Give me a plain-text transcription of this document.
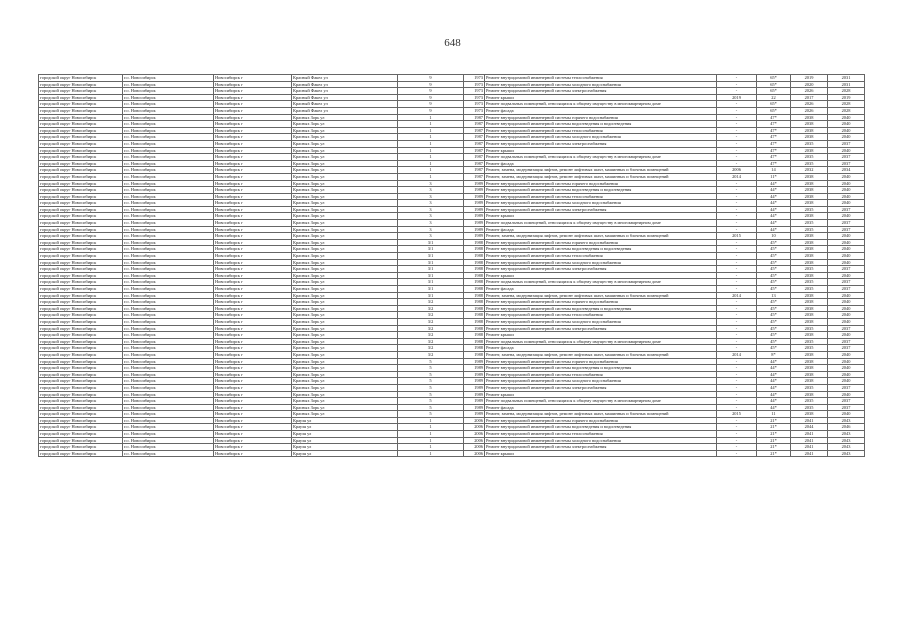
648
городской округ Новосибирск	г.о. Новосибирск	Новосибирск г	Красный Факел ул	9	1973	Ремонт внутридомовой инженерной системы теплоснабжения	-	65*	2019	2031
городской округ Новосибирск	г.о. Новосибирск	Новосибирск г	Красный Факел ул	9	1973	Ремонт внутридомовой инженерной системы холодного водоснабжения	-	65*	2020	2031
городской округ Новосибирск	г.о. Новосибирск	Новосибирск г	Красный Факел ул	9	1973	Ремонт внутридомовой инженерной системы электроснабжения	-	65*	2026	2028
городской округ Новосибирск	г.о. Новосибирск	Новосибирск г	Красный Факел ул	9	1973	Ремонт крыши	2019	22	2017	2019
городской округ Новосибирск	г.о. Новосибирск	Новосибирск г	Красный Факел ул	9	1973	Ремонт подвальных помещений, относящихся к общему имуществу в многоквартирном доме	-	65*	2026	2028
городской округ Новосибирск	г.о. Новосибирск	Новосибирск г	Красный Факел ул	9	1973	Ремонт фасада	-	65*	2026	2028
городской округ Новосибирск	г.о. Новосибирск	Новосибирск г	Красных Зорь ул	1	1987	Ремонт внутридомовой инженерной системы горячего водоснабжения	-	47*	2038	2040
городской округ Новосибирск	г.о. Новосибирск	Новосибирск г	Красных Зорь ул	1	1987	Ремонт внутридомовой инженерной системы водоотведения и водоотведения	-	47*	2038	2040
городской округ Новосибирск	г.о. Новосибирск	Новосибирск г	Красных Зорь ул	1	1987	Ремонт внутридомовой инженерной системы теплоснабжения	-	47*	2038	2040
городской округ Новосибирск	г.о. Новосибирск	Новосибирск г	Красных Зорь ул	1	1987	Ремонт внутридомовой инженерной системы холодного водоснабжения	-	47*	2038	2040
городской округ Новосибирск	г.о. Новосибирск	Новосибирск г	Красных Зорь ул	1	1987	Ремонт внутридомовой инженерной системы электроснабжения	-	47*	2035	2037
городской округ Новосибирск	г.о. Новосибирск	Новосибирск г	Красных Зорь ул	1	1987	Ремонт крыши	-	47*	2038	2040
городской округ Новосибирск	г.о. Новосибирск	Новосибирск г	Красных Зорь ул	1	1987	Ремонт подвальных помещений, относящихся к общему имуществу в многоквартирном доме	-	47*	2035	2037
городской округ Новосибирск	г.о. Новосибирск	Новосибирск г	Красных Зорь ул	1	1987	Ремонт фасада	-	47*	2035	2037
городской округ Новосибирск	г.о. Новосибирск	Новосибирск г	Красных Зорь ул	1	1987	Ремонт, замена, модернизация лифтов, ремонт лифтовых шахт, машинных и блочных помещений	2006	14	2032	2034
городской округ Новосибирск	г.о. Новосибирск	Новосибирск г	Красных Зорь ул	1	1987	Ремонт, замена, модернизация лифтов, ремонт лифтовых шахт, машинных и блочных помещений	2014	11*	2038	2040
городской округ Новосибирск	г.о. Новосибирск	Новосибирск г	Красных Зорь ул	3	1989	Ремонт внутридомовой инженерной системы горячего водоснабжения	-	44*	2038	2040
городской округ Новосибирск	г.о. Новосибирск	Новосибирск г	Красных Зорь ул	3	1989	Ремонт внутридомовой инженерной системы водоотведения и водоотведения	-	44*	2038	2040
городской округ Новосибирск	г.о. Новосибирск	Новосибирск г	Красных Зорь ул	3	1989	Ремонт внутридомовой инженерной системы теплоснабжения	-	44*	2038	2040
городской округ Новосибирск	г.о. Новосибирск	Новосибирск г	Красных Зорь ул	3	1989	Ремонт внутридомовой инженерной системы холодного водоснабжения	-	44*	2038	2040
городской округ Новосибирск	г.о. Новосибирск	Новосибирск г	Красных Зорь ул	3	1989	Ремонт внутридомовой инженерной системы электроснабжения	-	44*	2035	2037
городской округ Новосибирск	г.о. Новосибирск	Новосибирск г	Красных Зорь ул	3	1989	Ремонт крыши	-	44*	2038	2040
городской округ Новосибирск	г.о. Новосибирск	Новосибирск г	Красных Зорь ул	3	1989	Ремонт подвальных помещений, относящихся к общему имуществу в многоквартирном доме	-	44*	2035	2037
городской округ Новосибирск	г.о. Новосибирск	Новосибирск г	Красных Зорь ул	3	1989	Ремонт фасада	-	44*	2035	2037
городской округ Новосибирск	г.о. Новосибирск	Новосибирск г	Красных Зорь ул	3	1989	Ремонт, замена, модернизация лифтов, ремонт лифтовых шахт, машинных и блочных помещений	2015	10	2038	2040
городской округ Новосибирск	г.о. Новосибирск	Новосибирск г	Красных Зорь ул	3/1	1988	Ремонт внутридомовой инженерной системы горячего водоснабжения	-	45*	2038	2040
городской округ Новосибирск	г.о. Новосибирск	Новосибирск г	Красных Зорь ул	3/1	1988	Ремонт внутридомовой инженерной системы водоотведения и водоотведения	-	45*	2038	2040
городской округ Новосибирск	г.о. Новосибирск	Новосибирск г	Красных Зорь ул	3/1	1988	Ремонт внутридомовой инженерной системы теплоснабжения	-	45*	2038	2040
городской округ Новосибирск	г.о. Новосибирск	Новосибирск г	Красных Зорь ул	3/1	1988	Ремонт внутридомовой инженерной системы холодного водоснабжения	-	45*	2038	2040
городской округ Новосибирск	г.о. Новосибирск	Новосибирск г	Красных Зорь ул	3/1	1988	Ремонт внутридомовой инженерной системы электроснабжения	-	45*	2035	2037
городской округ Новосибирск	г.о. Новосибирск	Новосибирск г	Красных Зорь ул	3/1	1988	Ремонт крыши	-	45*	2038	2040
городской округ Новосибирск	г.о. Новосибирск	Новосибирск г	Красных Зорь ул	3/1	1988	Ремонт подвальных помещений, относящихся к общему имуществу в многоквартирном доме	-	45*	2035	2037
городской округ Новосибирск	г.о. Новосибирск	Новосибирск г	Красных Зорь ул	3/1	1988	Ремонт фасада	-	45*	2035	2037
городской округ Новосибирск	г.о. Новосибирск	Новосибирск г	Красных Зорь ул	3/1	1988	Ремонт, замена, модернизация лифтов, ремонт лифтовых шахт, машинных и блочных помещений	2014	13	2038	2040
городской округ Новосибирск	г.о. Новосибирск	Новосибирск г	Красных Зорь ул	3/2	1988	Ремонт внутридомовой инженерной системы горячего водоснабжения	-	45*	2038	2040
городской округ Новосибирск	г.о. Новосибирск	Новосибирск г	Красных Зорь ул	3/2	1988	Ремонт внутридомовой инженерной системы водоотведения и водоотведения	-	45*	2038	2040
городской округ Новосибирск	г.о. Новосибирск	Новосибирск г	Красных Зорь ул	3/2	1988	Ремонт внутридомовой инженерной системы теплоснабжения	-	45*	2038	2040
городской округ Новосибирск	г.о. Новосибирск	Новосибирск г	Красных Зорь ул	3/2	1988	Ремонт внутридомовой инженерной системы холодного водоснабжения	-	45*	2038	2040
городской округ Новосибирск	г.о. Новосибирск	Новосибирск г	Красных Зорь ул	3/2	1988	Ремонт внутридомовой инженерной системы электроснабжения	-	45*	2035	2037
городской округ Новосибирск	г.о. Новосибирск	Новосибирск г	Красных Зорь ул	3/2	1988	Ремонт крыши	-	45*	2038	2040
городской округ Новосибирск	г.о. Новосибирск	Новосибирск г	Красных Зорь ул	3/2	1988	Ремонт подвальных помещений, относящихся к общему имуществу в многоквартирном доме	-	45*	2035	2037
городской округ Новосибирск	г.о. Новосибирск	Новосибирск г	Красных Зорь ул	3/2	1988	Ремонт фасада	-	45*	2035	2037
городской округ Новосибирск	г.о. Новосибирск	Новосибирск г	Красных Зорь ул	3/2	1988	Ремонт, замена, модернизация лифтов, ремонт лифтовых шахт, машинных и блочных помещений	2014	8*	2038	2040
городской округ Новосибирск	г.о. Новосибирск	Новосибирск г	Красных Зорь ул	5	1989	Ремонт внутридомовой инженерной системы горячего водоснабжения	-	44*	2038	2040
городской округ Новосибирск	г.о. Новосибирск	Новосибирск г	Красных Зорь ул	5	1989	Ремонт внутридомовой инженерной системы водоотведения и водоотведения	-	44*	2038	2040
городской округ Новосибирск	г.о. Новосибирск	Новосибирск г	Красных Зорь ул	5	1989	Ремонт внутридомовой инженерной системы теплоснабжения	-	44*	2038	2040
городской округ Новосибирск	г.о. Новосибирск	Новосибирск г	Красных Зорь ул	5	1989	Ремонт внутридомовой инженерной системы холодного водоснабжения	-	44*	2038	2040
городской округ Новосибирск	г.о. Новосибирск	Новосибирск г	Красных Зорь ул	5	1989	Ремонт внутридомовой инженерной системы электроснабжения	-	44*	2035	2037
городской округ Новосибирск	г.о. Новосибирск	Новосибирск г	Красных Зорь ул	5	1989	Ремонт крыши	-	44*	2038	2040
городской округ Новосибирск	г.о. Новосибирск	Новосибирск г	Красных Зорь ул	5	1989	Ремонт подвальных помещений, относящихся к общему имуществу в многоквартирном доме	-	44*	2035	2037
городской округ Новосибирск	г.о. Новосибирск	Новосибирск г	Красных Зорь ул	5	1989	Ремонт фасада	-	44*	2035	2037
городской округ Новосибирск	г.о. Новосибирск	Новосибирск г	Красных Зорь ул	5	1989	Ремонт, замена, модернизация лифтов, ремонт лифтовых шахт, машинных и блочных помещений	2015	11	2038	2040
городской округ Новосибирск	г.о. Новосибирск	Новосибирск г	Крауля ул	1	2006	Ремонт внутридомовой инженерной системы горячего водоснабжения	-	21*	2041	2043
городской округ Новосибирск	г.о. Новосибирск	Новосибирск г	Крауля ул	1	2006	Ремонт внутридомовой инженерной системы водоотведения и водоотведения	-	21*	2044	2046
городской округ Новосибирск	г.о. Новосибирск	Новосибирск г	Крауля ул	1	2006	Ремонт внутридомовой инженерной системы теплоснабжения	-	21*	2041	2043
городской округ Новосибирск	г.о. Новосибирск	Новосибирск г	Крауля ул	1	2006	Ремонт внутридомовой инженерной системы холодного водоснабжения	-	21*	2041	2043
городской округ Новосибирск	г.о. Новосибирск	Новосибирск г	Крауля ул	1	2006	Ремонт внутридомовой инженерной системы электроснабжения	-	21*	2041	2043
городской округ Новосибирск	г.о. Новосибирск	Новосибирск г	Крауля ул	1	2006	Ремонт крыши	-	21*	2041	2043
